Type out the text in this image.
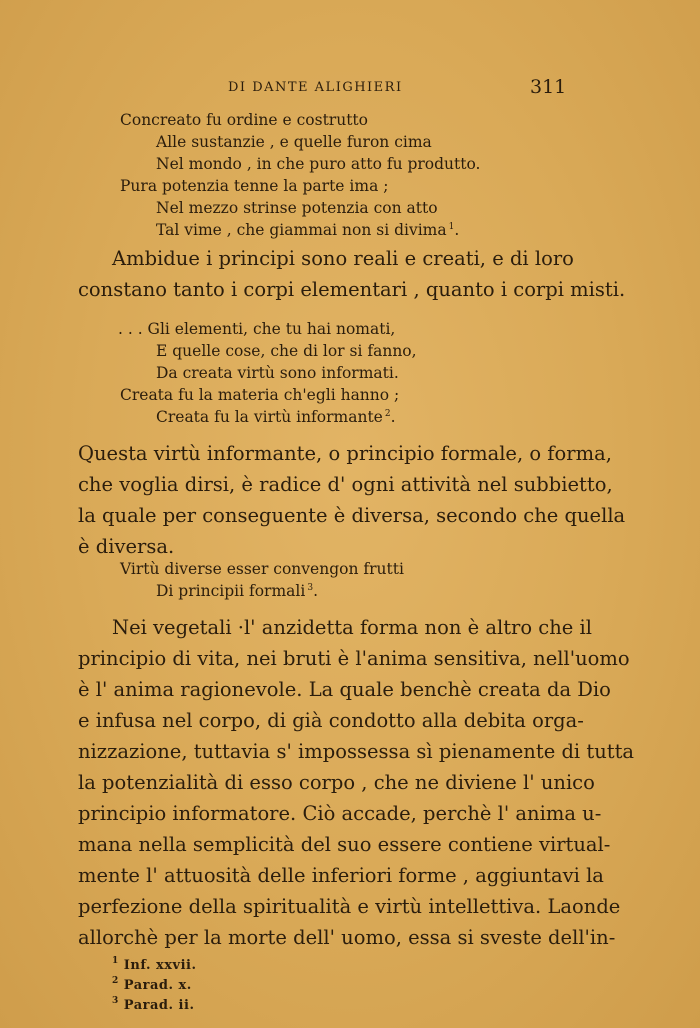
DI DANTE ALIGHIERI	311
Concreato fu ordine e costrutto
Alle sustanzie , e quelle furon cima
Nel mondo , in che puro atto fu produtto.
Pura potenzia tenne la parte ima ;
Nel mezzo strinse potenzia con atto
Tal vime , che giammai non si divima $^1$.
Ambidue i principi sono reali e creati, e di loro
constano tanto i corpi elementari , quanto i corpi misti.
. . . Gli elementi, che tu hai nomati,
E quelle cose, che di lor si fanno,
Da creata virtù sono informati.
Creata fu la materia ch'egli hanno ;
Creata fu la virtù informante $^2$.
Questa virtù informante, o principio formale, o forma,
che voglia dirsi, è radice d' ogni attività nel subbietto,
la quale per conseguente è diversa, secondo che quella
è diversa.
Virtù diverse esser convengon frutti
Di principii formali $^3$.
Nei vegetali ·l' anzidetta forma non è altro che il
principio di vita, nei bruti è l'anima sensitiva, nell'uomo
è l' anima ragionevole. La quale benchè creata da Dio
e infusa nel corpo, di già condotto alla debita orga-
nizzazione, tuttavia s' impossessa sì pienamente di tutta
la potenzialità di esso corpo , che ne diviene l' unico
principio informatore. Ciò accade, perchè l' anima u-
mana nella semplicità del suo essere contiene virtual-
mente l' attuosità delle inferiori forme , aggiuntavi la
perfezione della spiritualità e virtù intellettiva. Laonde
allorchè per la morte dell' uomo, essa si sveste dell'in-
$^1$ Inf. xxvii.
$^2$ Parad. x.
$^3$ Parad. ii.
